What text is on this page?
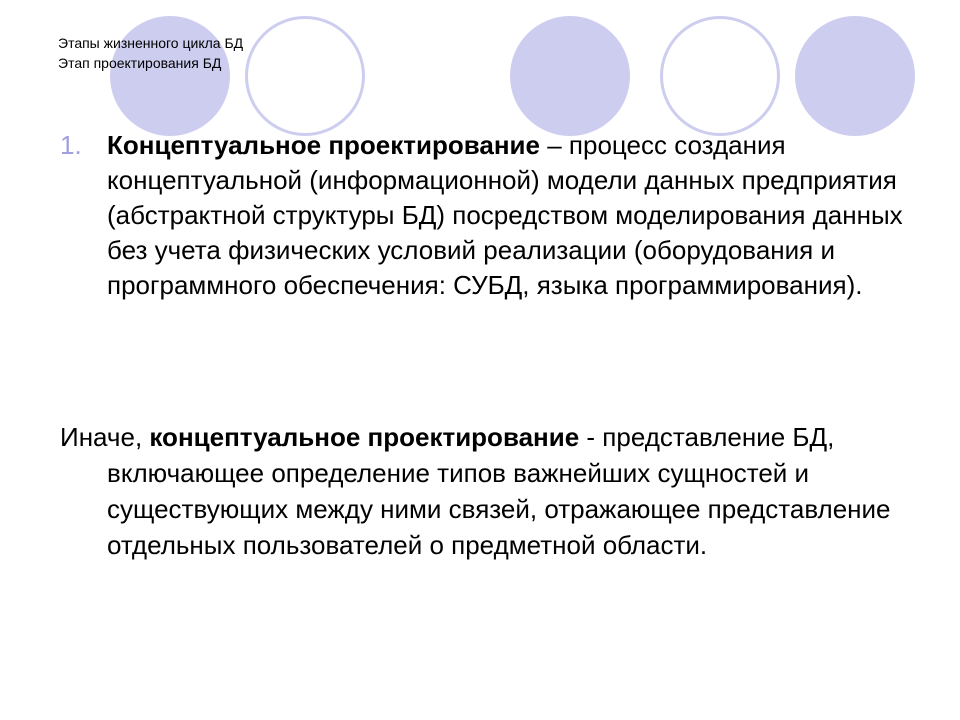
Этапы жизненного цикла БД
Этап проектирования БД
1. Концептуальное проектирование – процесс создания концептуальной (информационной) модели данных предприятия (абстрактной структуры БД) посредством моделирования данных без учета физических условий реализации (оборудования и программного обеспечения: СУБД, языка программирования).
Иначе, концептуальное проектирование - представление БД, включающее определение типов важнейших сущностей и существующих между ними связей, отражающее представление отдельных пользователей о предметной области.
